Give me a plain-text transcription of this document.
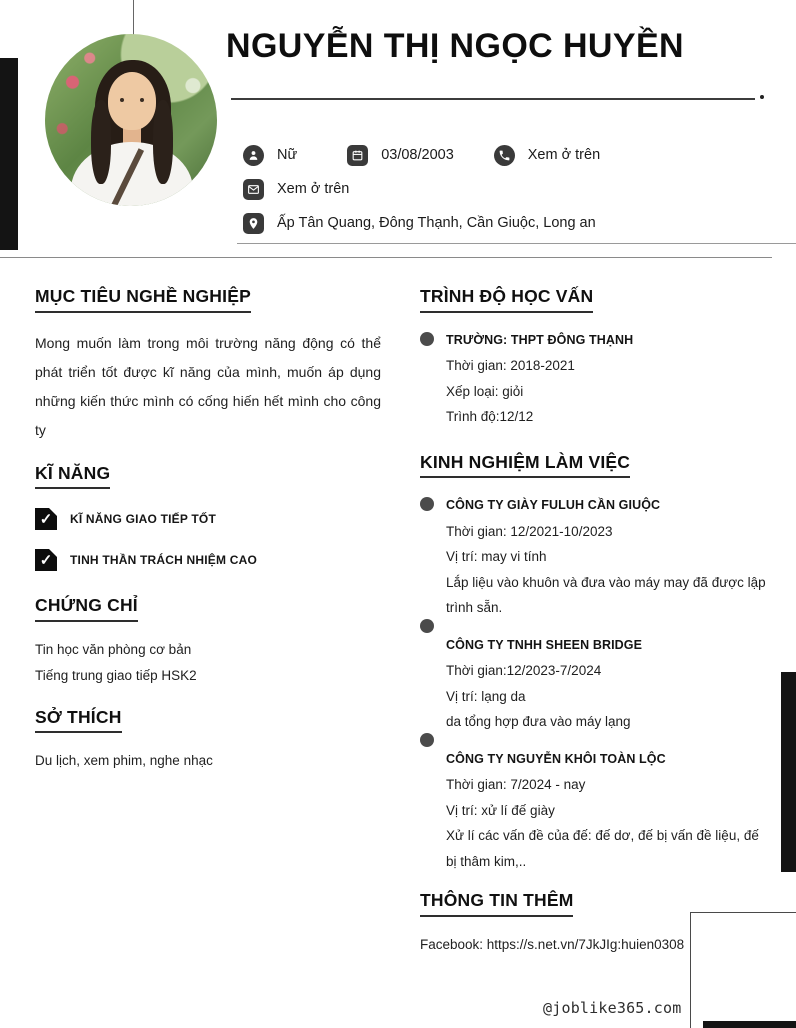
NGUYỄN THỊ NGỌC HUYỀN
Nữ	03/08/2003	Xem ở trên
Xem ở trên
Ấp Tân Quang, Đông Thạnh, Cần Giuộc, Long an
MỤC TIÊU NGHỀ NGHIỆP

Mong muốn làm trong môi trường năng động có thể phát triển tốt được kĩ năng của mình, muốn áp dụng những kiến thức mình có cống hiến hết mình cho công ty

KĨ NĂNG
✓	KĨ NĂNG GIAO TIẾP TỐT
✓	TINH THẦN TRÁCH NHIỆM CAO
CHỨNG CHỈ
Tin học văn phòng cơ bản
Tiếng trung giao tiếp HSK2
SỞ THÍCH
Du lịch, xem phim, nghe nhạc
TRÌNH ĐỘ HỌC VẤN
TRƯỜNG: THPT ĐÔNG THẠNH
Thời gian: 2018-2021
Xếp loại: giỏi
Trình độ:12/12
KINH NGHIỆM LÀM VIỆC
CÔNG TY GIÀY FULUH CẦN GIUỘC
Thời gian: 12/2021-10/2023
Vị trí: may vi tính
Lắp liệu vào khuôn và đưa vào máy may đã được lập trình sẵn.
CÔNG TY TNHH SHEEN BRIDGE
Thời gian:12/2023-7/2024
Vị trí: lạng da
da tổng hợp đưa vào máy lạng
CÔNG TY NGUYỄN KHÔI TOÀN LỘC
Thời gian: 7/2024 - nay
Vị trí: xử lí đế giày
Xử lí các vấn đề của đế: đế dơ, đế bị vấn đề liệu, đế bị thâm kim,..
THÔNG TIN THÊM
Facebook: https://s.net.vn/7JkJIg:huien0308
@joblike365.com
